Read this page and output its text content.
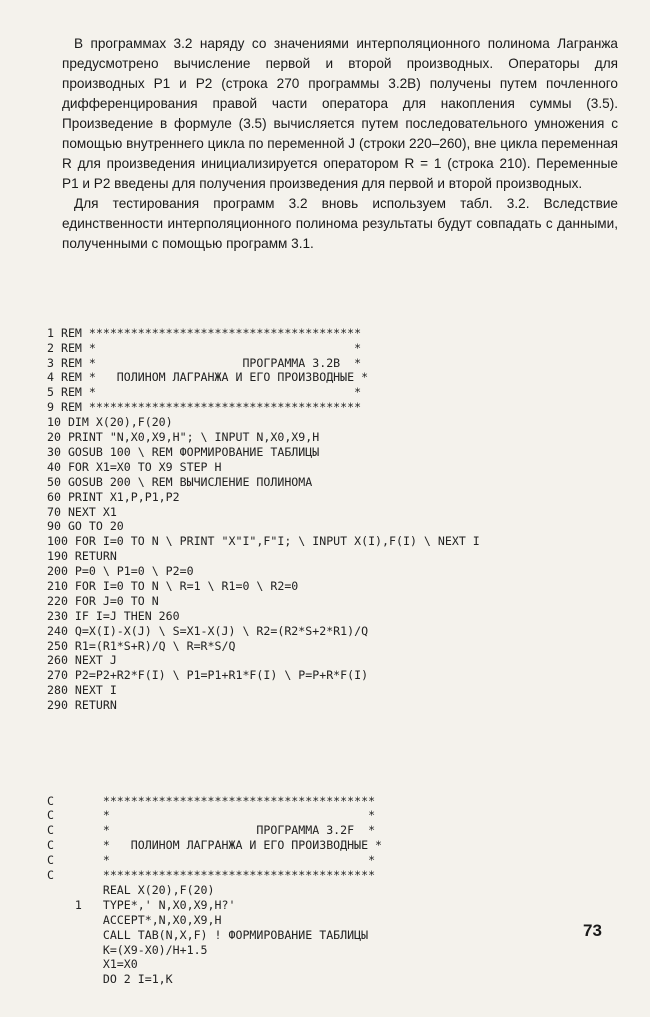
В программах 3.2 наряду со значениями интерполяционного полинома Лагранжа предусмотрено вычисление первой и второй производных. Операторы для производных P1 и P2 (строка 270 программы 3.2B) получены путем почленного дифференцирования правой части оператора для накопления суммы (3.5). Произведение в формуле (3.5) вычисляется путем последовательного умножения с помощью внутреннего цикла по переменной J (строки 220–260), вне цикла переменная R для произведения инициализируется оператором R = 1 (строка 210). Переменные P1 и P2 введены для получения произведения для первой и второй производных.

Для тестирования программ 3.2 вновь используем табл. 3.2. Вследствие единственности интерполяционного полинома результаты будут совпадать с данными, полученными с помощью программ 3.1.

1 REM ***************************************
2 REM *                                     *
3 REM *                     ПРОГРАММА 3.2B  *
4 REM *   ПОЛИНОМ ЛАГРАНЖА И ЕГО ПРОИЗВОДНЫЕ *
5 REM *                                     *
9 REM ***************************************
10 DIM X(20),F(20)
20 PRINT "N,X0,X9,H"; \ INPUT N,X0,X9,H
30 GOSUB 100 \ REM ФОРМИРОВАНИЕ ТАБЛИЦЫ
40 FOR X1=X0 TO X9 STEP H
50 GOSUB 200 \ REM ВЫЧИСЛЕНИЕ ПОЛИНОМА
60 PRINT X1,P,P1,P2
70 NEXT X1
90 GO TO 20
100 FOR I=0 TO N \ PRINT "X"I",F"I; \ INPUT X(I),F(I) \ NEXT I
190 RETURN
200 P=0 \ P1=0 \ P2=0
210 FOR I=0 TO N \ R=1 \ R1=0 \ R2=0
220 FOR J=0 TO N
230 IF I=J THEN 260
240 Q=X(I)-X(J) \ S=X1-X(J) \ R2=(R2*S+2*R1)/Q
250 R1=(R1*S+R)/Q \ R=R*S/Q
260 NEXT J
270 P2=P2+R2*F(I) \ P1=P1+R1*F(I) \ P=P+R*F(I)
280 NEXT I
290 RETURN

C       ***************************************
C       *                                     *
C       *                     ПРОГРАММА 3.2F  *
C       *   ПОЛИНОМ ЛАГРАНЖА И ЕГО ПРОИЗВОДНЫЕ *
C       *                                     *
C       ***************************************
REAL X(20),F(20)
1   TYPE*,' N,X0,X9,H?'
ACCEPT*,N,X0,X9,H
CALL TAB(N,X,F) ! ФОРМИРОВАНИЕ ТАБЛИЦЫ
K=(X9-X0)/H+1.5
X1=X0
DO 2 I=1,K

73
